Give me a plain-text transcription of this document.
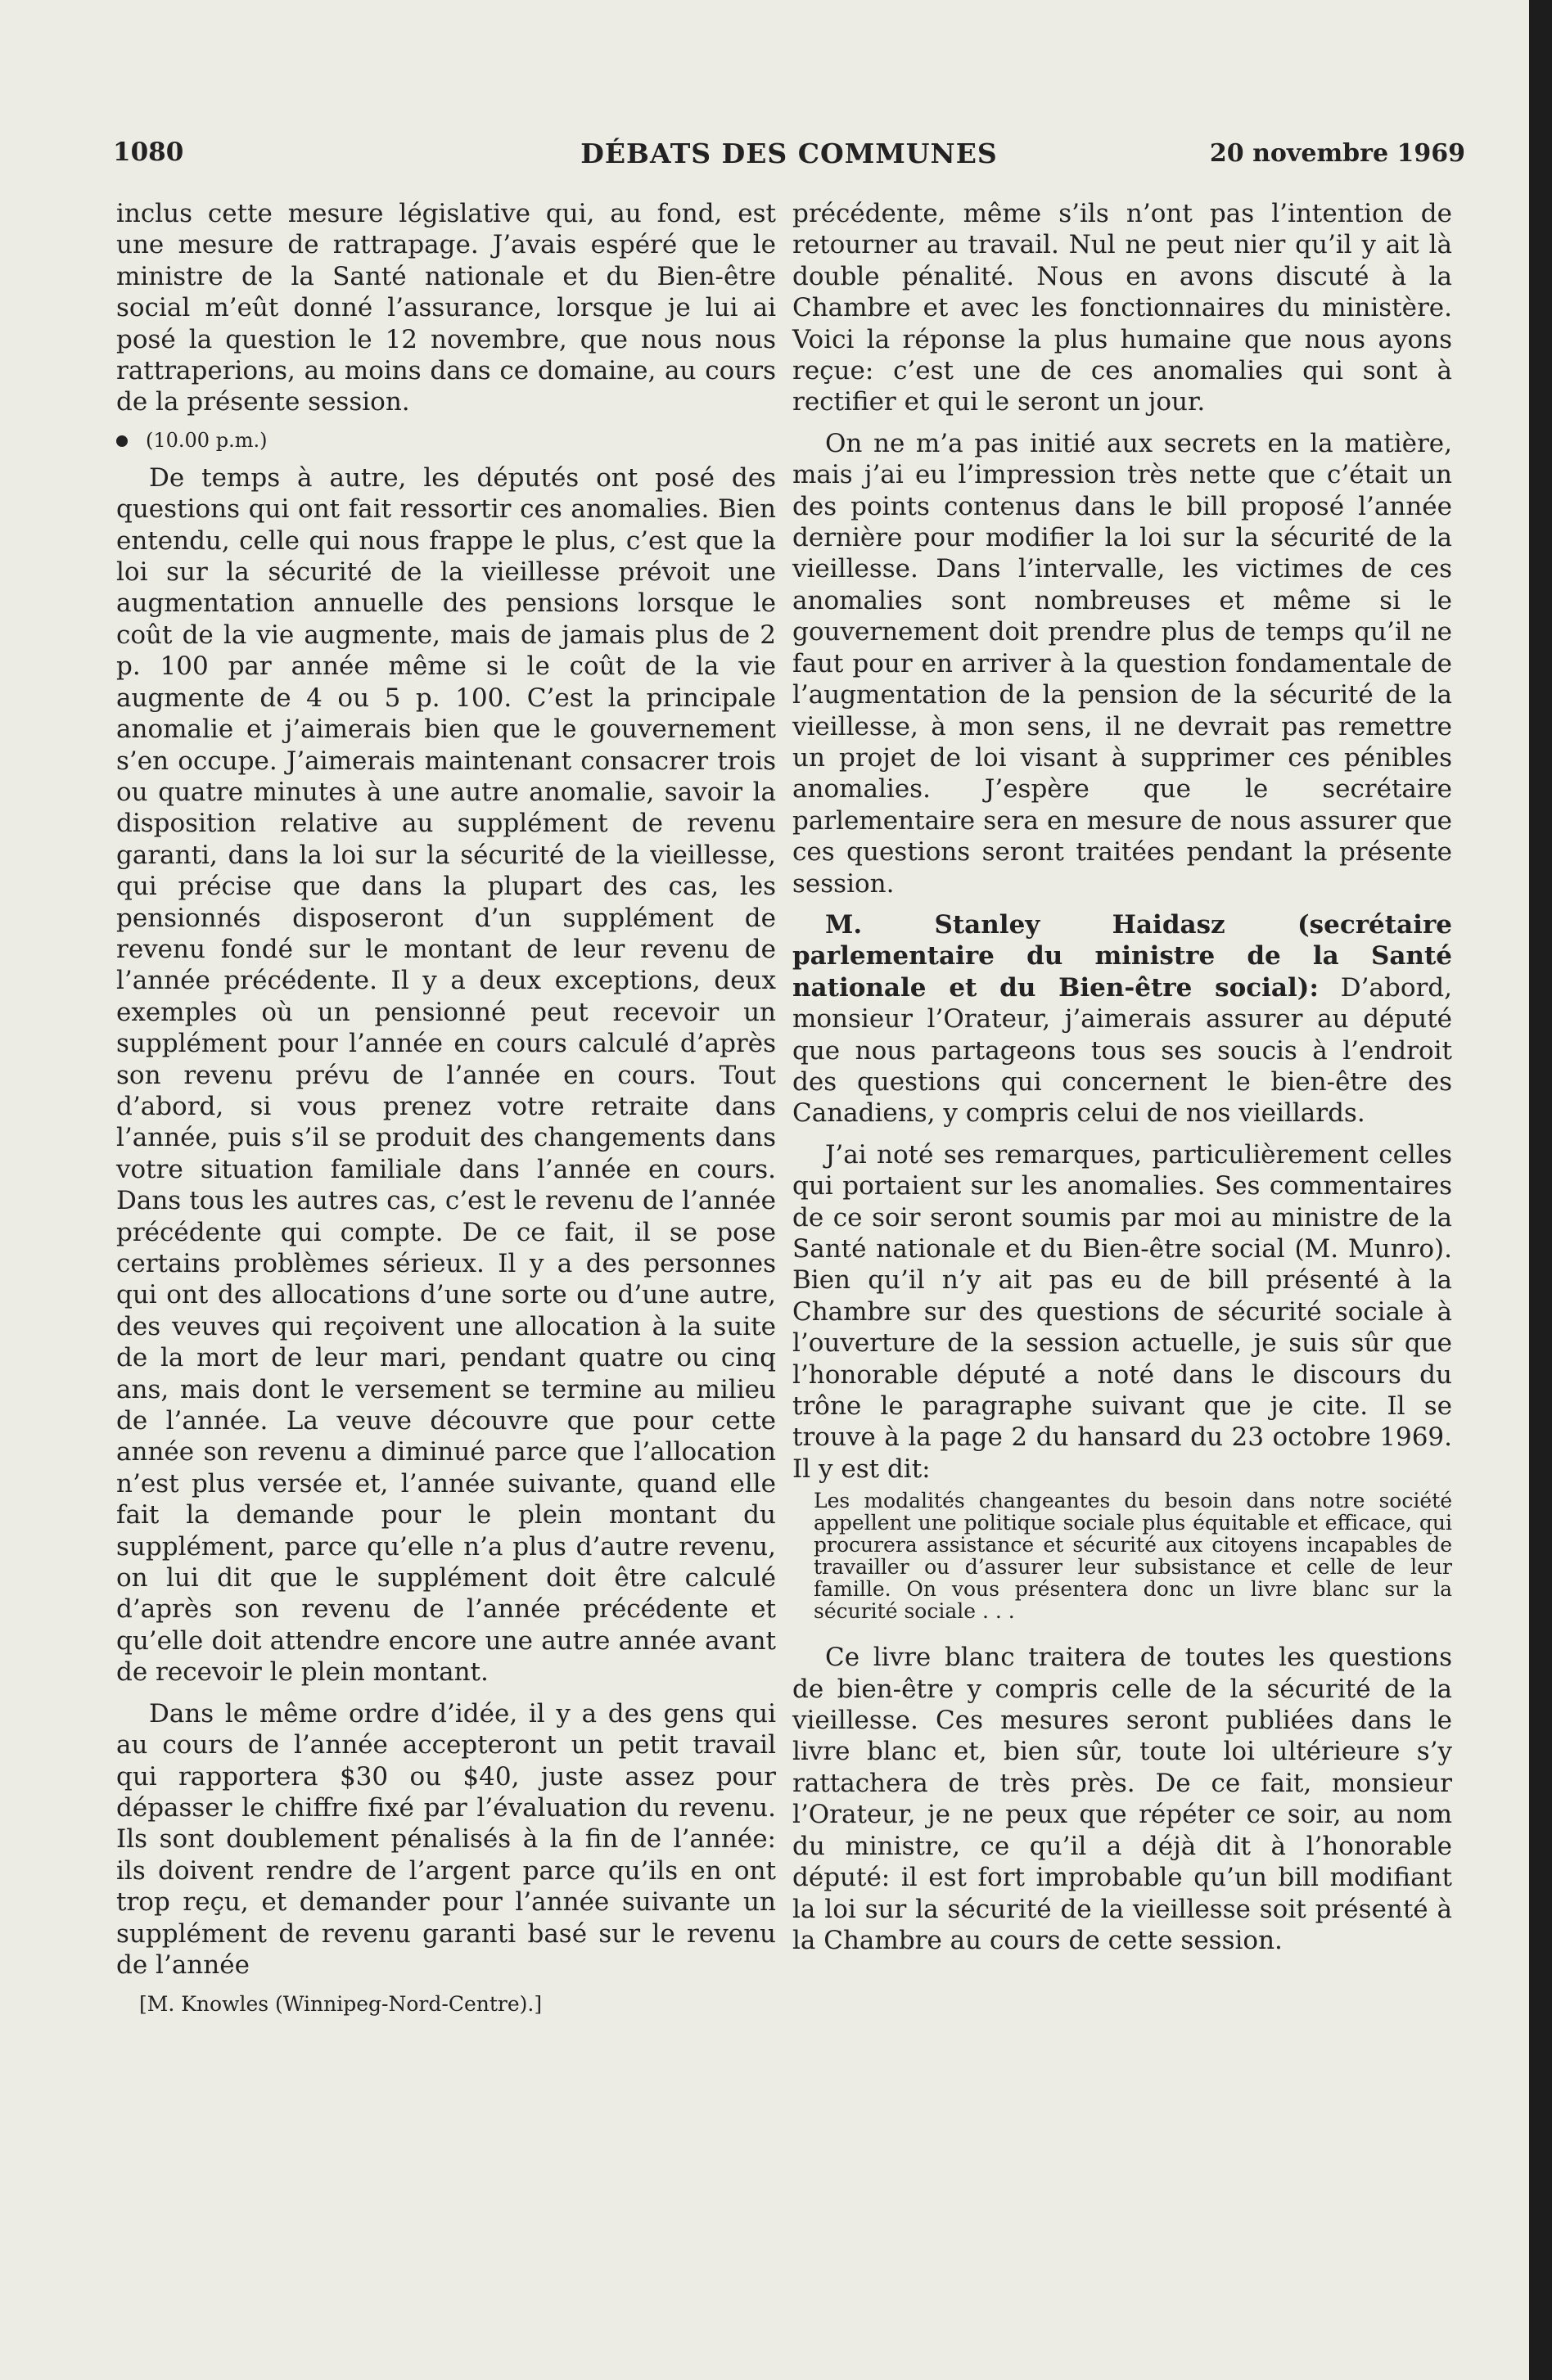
1080	DÉBATS DES COMMUNES	20 novembre 1969

inclus cette mesure législative qui, au fond, est une mesure de rattrapage. J’avais espéré que le ministre de la Santé nationale et du Bien-être social m’eût donné l’assurance, lorsque je lui ai posé la question le 12 novembre, que nous nous rattraperions, au moins dans ce domaine, au cours de la présente session.

(10.00 p.m.)

De temps à autre, les députés ont posé des questions qui ont fait ressortir ces anomalies. Bien entendu, celle qui nous frappe le plus, c’est que la loi sur la sécurité de la vieillesse prévoit une augmentation annuelle des pensions lorsque le coût de la vie augmente, mais de jamais plus de 2 p. 100 par année même si le coût de la vie augmente de 4 ou 5 p. 100. C’est la principale anomalie et j’aimerais bien que le gouvernement s’en occupe. J’aimerais maintenant consacrer trois ou quatre minutes à une autre anomalie, savoir la disposition relative au supplément de revenu garanti, dans la loi sur la sécurité de la vieillesse, qui précise que dans la plupart des cas, les pensionnés disposeront d’un supplément de revenu fondé sur le montant de leur revenu de l’année précédente. Il y a deux exceptions, deux exemples où un pensionné peut recevoir un supplément pour l’année en cours calculé d’après son revenu prévu de l’année en cours. Tout d’abord, si vous prenez votre retraite dans l’année, puis s’il se produit des changements dans votre situation familiale dans l’année en cours. Dans tous les autres cas, c’est le revenu de l’année précédente qui compte. De ce fait, il se pose certains problèmes sérieux. Il y a des personnes qui ont des allocations d’une sorte ou d’une autre, des veuves qui reçoivent une allocation à la suite de la mort de leur mari, pendant quatre ou cinq ans, mais dont le versement se termine au milieu de l’année. La veuve découvre que pour cette année son revenu a diminué parce que l’allocation n’est plus versée et, l’année suivante, quand elle fait la demande pour le plein montant du supplément, parce qu’elle n’a plus d’autre revenu, on lui dit que le supplément doit être calculé d’après son revenu de l’année précédente et qu’elle doit attendre encore une autre année avant de recevoir le plein montant.

Dans le même ordre d’idée, il y a des gens qui au cours de l’année accepteront un petit travail qui rapportera $30 ou $40, juste assez pour dépasser le chiffre fixé par l’évaluation du revenu. Ils sont doublement pénalisés à la fin de l’année: ils doivent rendre de l’argent parce qu’ils en ont trop reçu, et demander pour l’année suivante un supplément de revenu garanti basé sur le revenu de l’année

[M. Knowles (Winnipeg-Nord-Centre).]

précédente, même s’ils n’ont pas l’intention de retourner au travail. Nul ne peut nier qu’il y ait là double pénalité. Nous en avons discuté à la Chambre et avec les fonctionnaires du ministère. Voici la réponse la plus humaine que nous ayons reçue: c’est une de ces anomalies qui sont à rectifier et qui le seront un jour.

On ne m’a pas initié aux secrets en la matière, mais j’ai eu l’impression très nette que c’était un des points contenus dans le bill proposé l’année dernière pour modifier la loi sur la sécurité de la vieillesse. Dans l’intervalle, les victimes de ces anomalies sont nombreuses et même si le gouvernement doit prendre plus de temps qu’il ne faut pour en arriver à la question fondamentale de l’augmentation de la pension de la sécurité de la vieillesse, à mon sens, il ne devrait pas remettre un projet de loi visant à supprimer ces pénibles anomalies. J’espère que le secrétaire parlementaire sera en mesure de nous assurer que ces questions seront traitées pendant la présente session.

M. Stanley Haidasz (secrétaire parlementaire du ministre de la Santé nationale et du Bien-être social): D’abord, monsieur l’Orateur, j’aimerais assurer au député que nous partageons tous ses soucis à l’endroit des questions qui concernent le bien-être des Canadiens, y compris celui de nos vieillards.

J’ai noté ses remarques, particulièrement celles qui portaient sur les anomalies. Ses commentaires de ce soir seront soumis par moi au ministre de la Santé nationale et du Bien-être social (M. Munro). Bien qu’il n’y ait pas eu de bill présenté à la Chambre sur des questions de sécurité sociale à l’ouverture de la session actuelle, je suis sûr que l’honorable député a noté dans le discours du trône le paragraphe suivant que je cite. Il se trouve à la page 2 du hansard du 23 octobre 1969. Il y est dit:

Les modalités changeantes du besoin dans notre société appellent une politique sociale plus équitable et efficace, qui procurera assistance et sécurité aux citoyens incapables de travailler ou d’assurer leur subsistance et celle de leur famille. On vous présentera donc un livre blanc sur la sécurité sociale . . .

Ce livre blanc traitera de toutes les questions de bien-être y compris celle de la sécurité de la vieillesse. Ces mesures seront publiées dans le livre blanc et, bien sûr, toute loi ultérieure s’y rattachera de très près. De ce fait, monsieur l’Orateur, je ne peux que répéter ce soir, au nom du ministre, ce qu’il a déjà dit à l’honorable député: il est fort improbable qu’un bill modifiant la loi sur la sécurité de la vieillesse soit présenté à la Chambre au cours de cette session.
